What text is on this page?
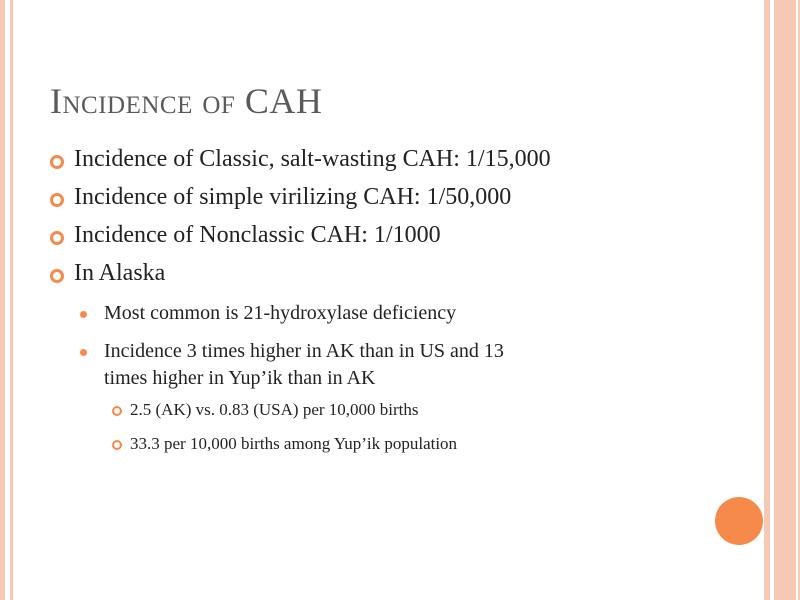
Incidence of CAH
Incidence of Classic, salt-wasting CAH: 1/15,000
Incidence of simple virilizing CAH: 1/50,000
Incidence of Nonclassic CAH: 1/1000
In Alaska
Most common is 21-hydroxylase deficiency
Incidence 3 times higher in AK than in US and 13
times higher in Yup’ik than in AK
2.5 (AK) vs. 0.83 (USA) per 10,000 births
33.3 per 10,000 births among Yup’ik population
